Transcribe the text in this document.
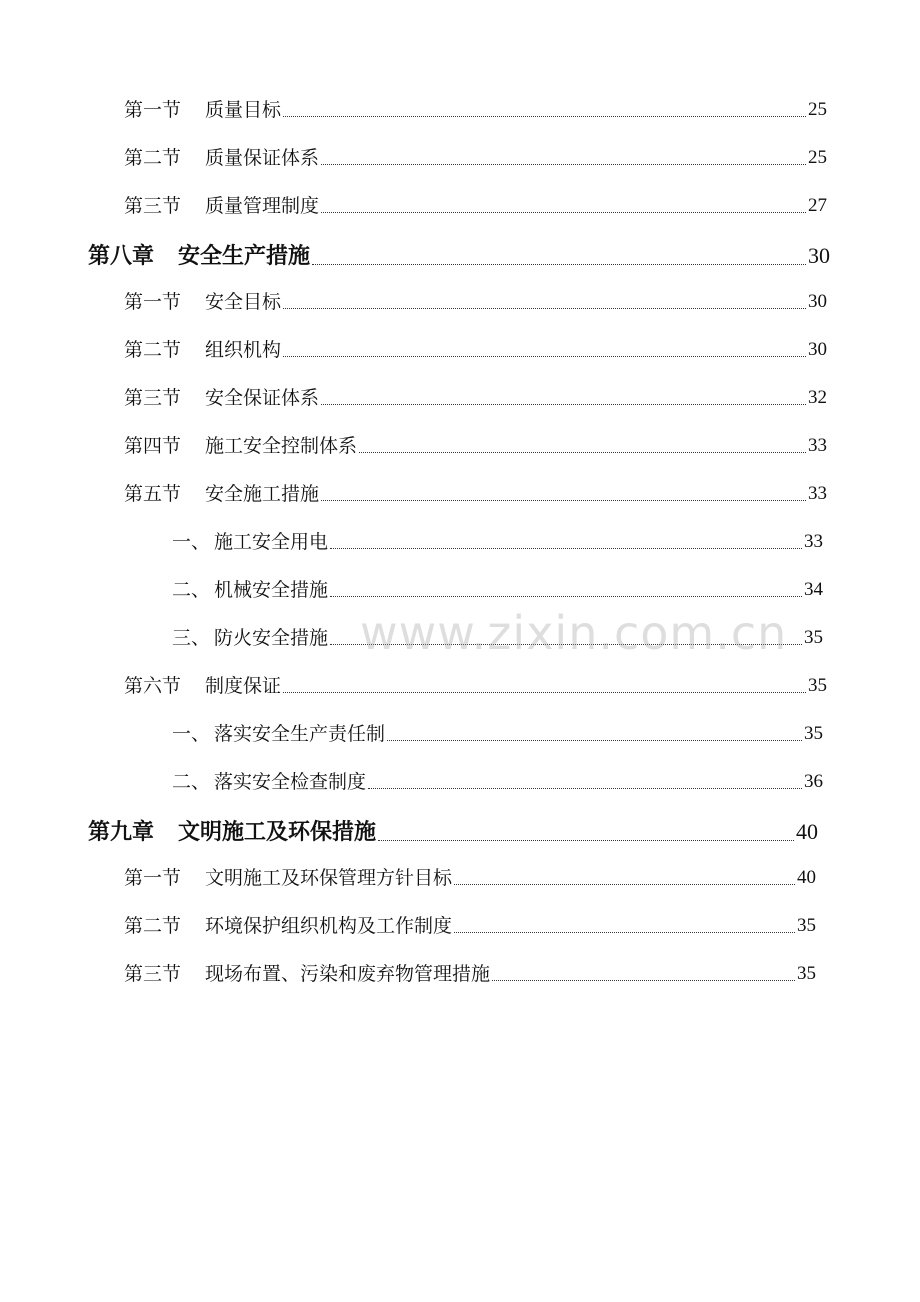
第一节 质量目标	25
第二节 质量保证体系	25
第三节 质量管理制度	27
第八章 安全生产措施	30
第一节 安全目标	30
第二节 组织机构	30
第三节 安全保证体系	32
第四节 施工安全控制体系	33
第五节 安全施工措施	33
一、 施工安全用电	33
二、 机械安全措施	34
三、 防火安全措施	35
第六节 制度保证	35
一、 落实安全生产责任制	35
二、 落实安全检查制度	36
第九章 文明施工及环保措施	40
第一节 文明施工及环保管理方针目标	40
第二节 环境保护组织机构及工作制度	35
第三节 现场布置、污染和废弃物管理措施	35
www.zixin.com.cn
